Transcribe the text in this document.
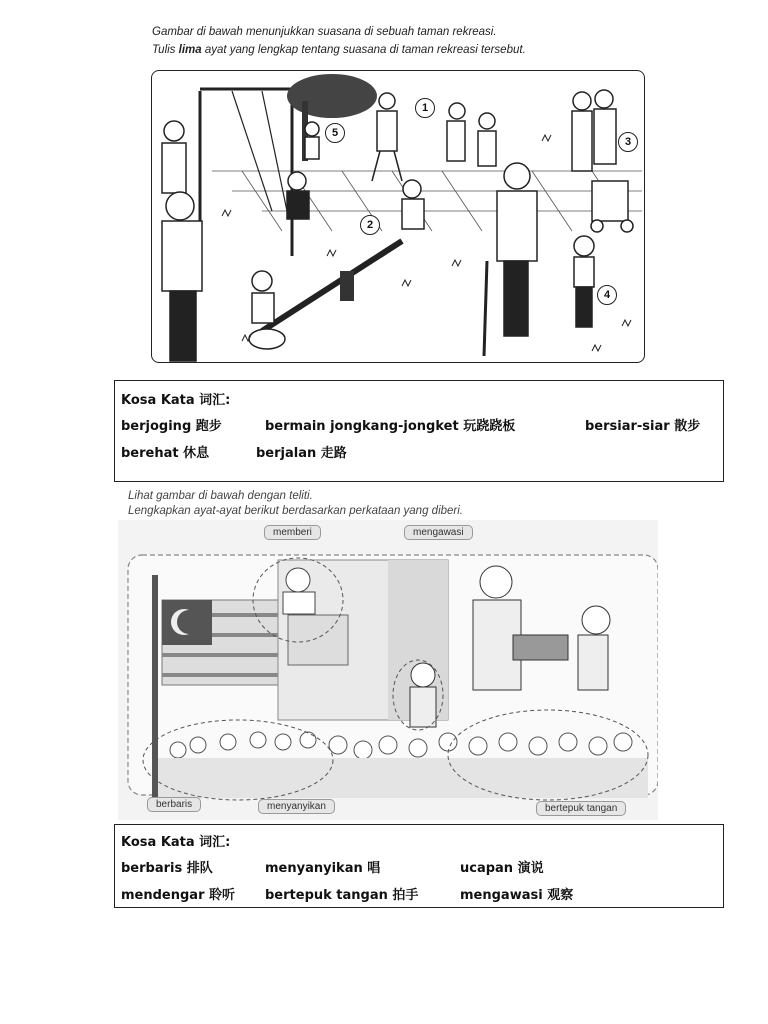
Gambar di bawah menunjukkan suasana di sebuah taman rekreasi.
Tulis lima ayat yang lengkap tentang suasana di taman rekreasi tersebut.
1
2
3
4
5
Kosa Kata 词汇:
berjoging 跑步	bermain jongkang-jongket 玩跷跷板	bersiar-siar 散步
berehat 休息	berjalan 走路
Lihat gambar di bawah dengan teliti.
Lengkapkan ayat-ayat berikut berdasarkan perkataan yang diberi.
memberi	mengawasi
berbaris	menyanyikan	bertepuk tangan
Kosa Kata 词汇:
berbaris 排队	menyanyikan 唱	ucapan 演说
mendengar 聆听 bertepuk tangan 拍手	mengawasi 观察
